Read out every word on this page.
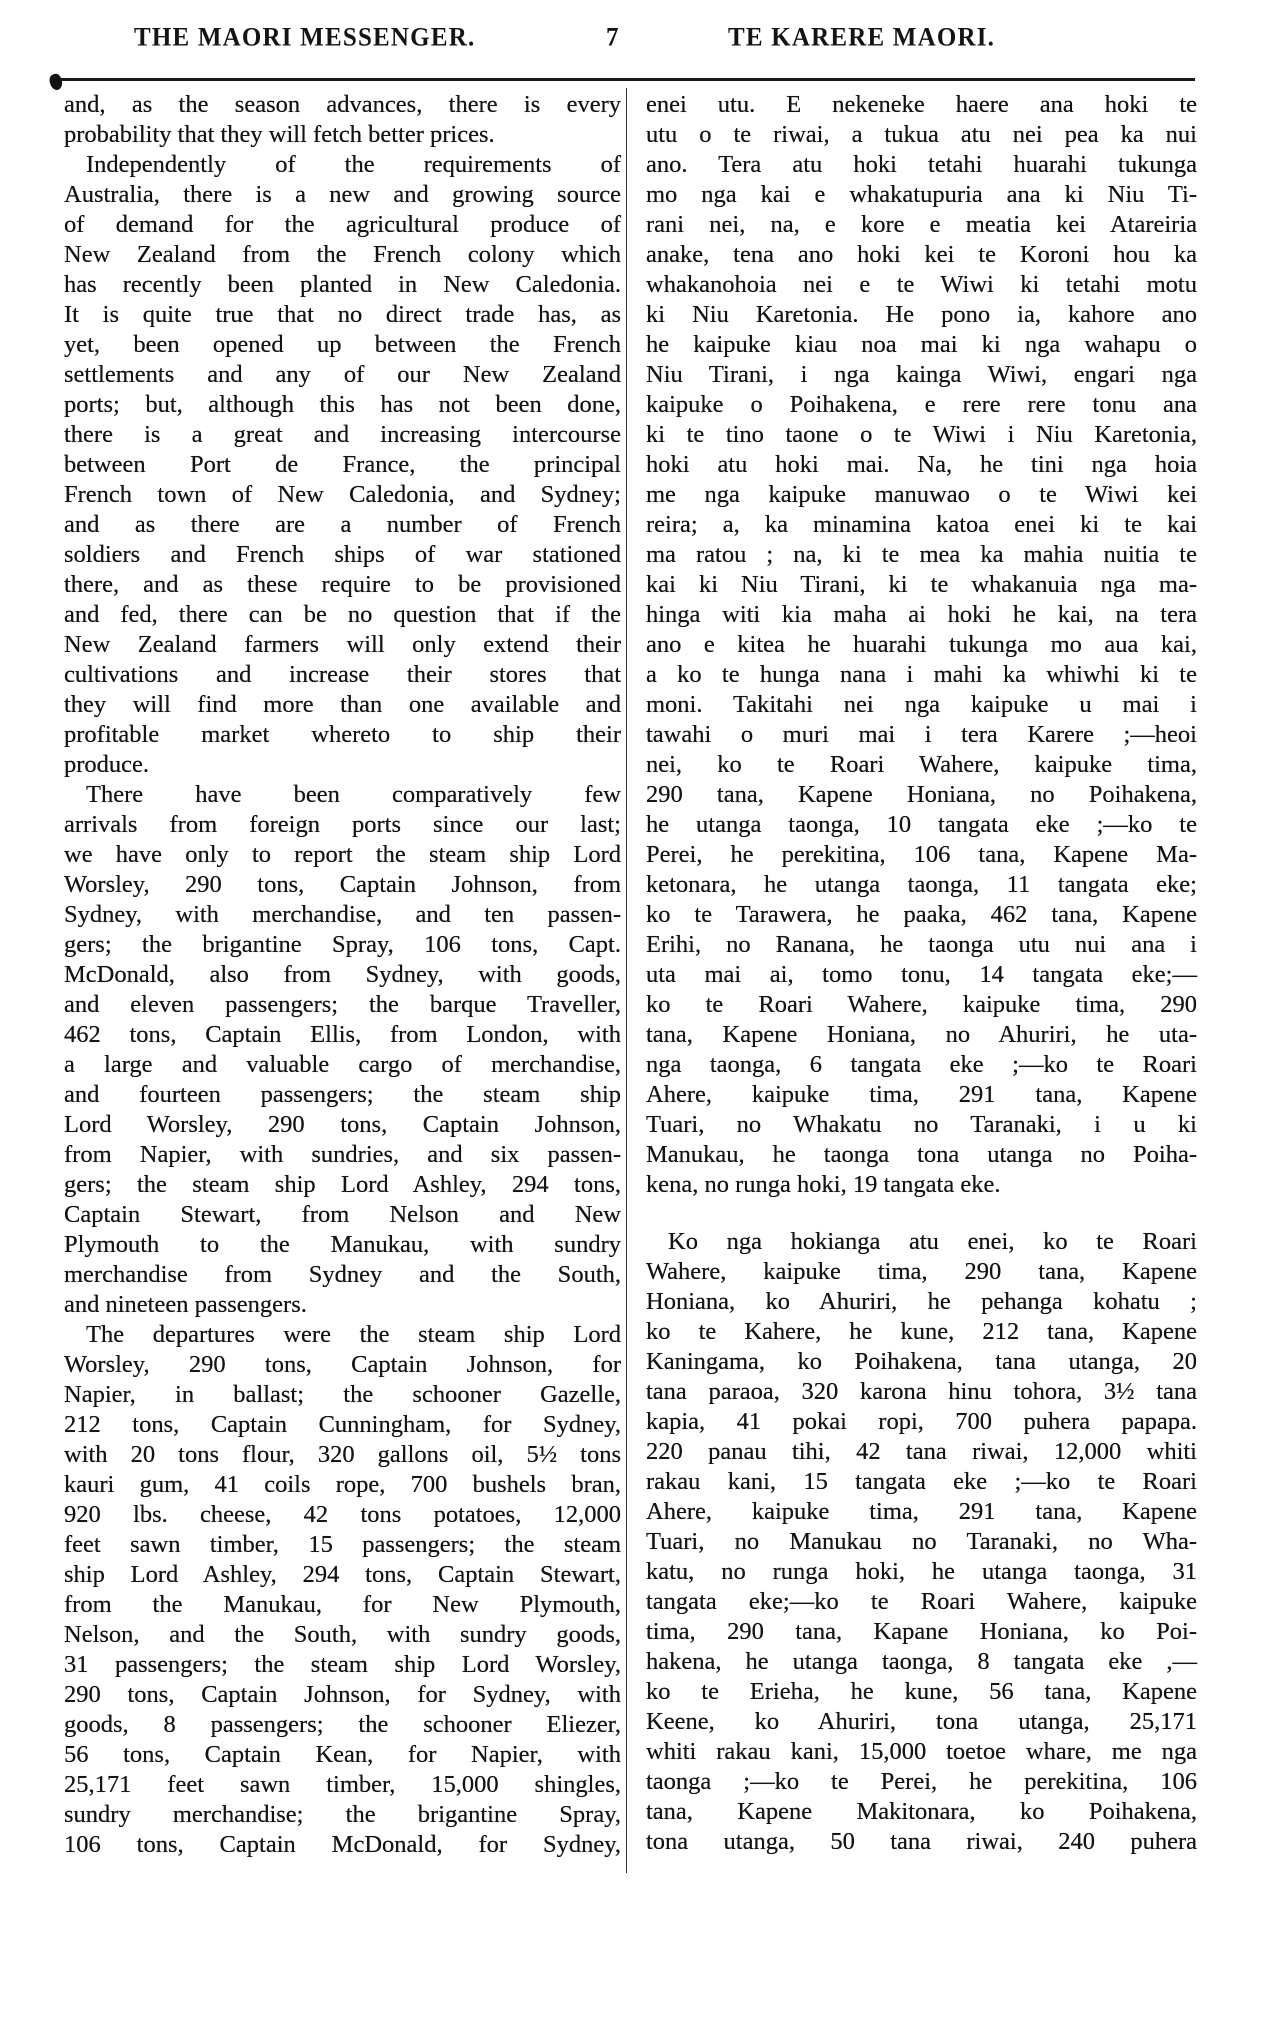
THE MAORI MESSENGER.	7	TE KARERE MAORI.
and, as the season advances, there is every
probability that they will fetch better prices.
Independently of the requirements of
Australia, there is a new and growing source
of demand for the agricultural produce of
New Zealand from the French colony which
has recently been planted in New Caledonia.
It is quite true that no direct trade has, as
yet, been opened up between the French
settlements and any of our New Zealand
ports; but, although this has not been done,
there is a great and increasing intercourse
between Port de France, the principal
French town of New Caledonia, and Sydney;
and as there are a number of French
soldiers and French ships of war stationed
there, and as these require to be provisioned
and fed, there can be no question that if the
New Zealand farmers will only extend their
cultivations and increase their stores that
they will find more than one available and
profitable market whereto to ship their
produce.
There have been comparatively few
arrivals from foreign ports since our last;
we have only to report the steam ship Lord
Worsley, 290 tons, Captain Johnson, from
Sydney, with merchandise, and ten passen-
gers; the brigantine Spray, 106 tons, Capt.
McDonald, also from Sydney, with goods,
and eleven passengers; the barque Traveller,
462 tons, Captain Ellis, from London, with
a large and valuable cargo of merchandise,
and fourteen passengers; the steam ship
Lord Worsley, 290 tons, Captain Johnson,
from Napier, with sundries, and six passen-
gers; the steam ship Lord Ashley, 294 tons,
Captain Stewart, from Nelson and New
Plymouth to the Manukau, with sundry
merchandise from Sydney and the South,
and nineteen passengers.
The departures were the steam ship Lord
Worsley, 290 tons, Captain Johnson, for
Napier, in ballast; the schooner Gazelle,
212 tons, Captain Cunningham, for Sydney,
with 20 tons flour, 320 gallons oil, 5½ tons
kauri gum, 41 coils rope, 700 bushels bran,
920 lbs. cheese, 42 tons potatoes, 12,000
feet sawn timber, 15 passengers; the steam
ship Lord Ashley, 294 tons, Captain Stewart,
from the Manukau, for New Plymouth,
Nelson, and the South, with sundry goods,
31 passengers; the steam ship Lord Worsley,
290 tons, Captain Johnson, for Sydney, with
goods, 8 passengers; the schooner Eliezer,
56 tons, Captain Kean, for Napier, with
25,171 feet sawn timber, 15,000 shingles,
sundry merchandise; the brigantine Spray,
106 tons, Captain McDonald, for Sydney,
enei utu. E nekeneke haere ana hoki te
utu o te riwai, a tukua atu nei pea ka nui
ano. Tera atu hoki tetahi huarahi tukunga
mo nga kai e whakatupuria ana ki Niu Ti-
rani nei, na, e kore e meatia kei Atareiria
anake, tena ano hoki kei te Koroni hou ka
whakanohoia nei e te Wiwi ki tetahi motu
ki Niu Karetonia. He pono ia, kahore ano
he kaipuke kiau noa mai ki nga wahapu o
Niu Tirani, i nga kainga Wiwi, engari nga
kaipuke o Poihakena, e rere rere tonu ana
ki te tino taone o te Wiwi i Niu Karetonia,
hoki atu hoki mai. Na, he tini nga hoia
me nga kaipuke manuwao o te Wiwi kei
reira; a, ka minamina katoa enei ki te kai
ma ratou ; na, ki te mea ka mahia nuitia te
kai ki Niu Tirani, ki te whakanuia nga ma-
hinga witi kia maha ai hoki he kai, na tera
ano e kitea he huarahi tukunga mo aua kai,
a ko te hunga nana i mahi ka whiwhi ki te
moni. Takitahi nei nga kaipuke u mai i
tawahi o muri mai i tera Karere ;—heoi
nei, ko te Roari Wahere, kaipuke tima,
290 tana, Kapene Honiana, no Poihakena,
he utanga taonga, 10 tangata eke ;—ko te
Perei, he perekitina, 106 tana, Kapene Ma-
ketonara, he utanga taonga, 11 tangata eke;
ko te Tarawera, he paaka, 462 tana, Kapene
Erihi, no Ranana, he taonga utu nui ana i
uta mai ai, tomo tonu, 14 tangata eke;—
ko te Roari Wahere, kaipuke tima, 290
tana, Kapene Honiana, no Ahuriri, he uta-
nga taonga, 6 tangata eke ;—ko te Roari
Ahere, kaipuke tima, 291 tana, Kapene
Tuari, no Whakatu no Taranaki, i u ki
Manukau, he taonga tona utanga no Poiha-
kena, no runga hoki, 19 tangata eke.
Ko nga hokianga atu enei, ko te Roari
Wahere, kaipuke tima, 290 tana, Kapene
Honiana, ko Ahuriri, he pehanga kohatu ;
ko te Kahere, he kune, 212 tana, Kapene
Kaningama, ko Poihakena, tana utanga, 20
tana paraoa, 320 karona hinu tohora, 3½ tana
kapia, 41 pokai ropi, 700 puhera papapa.
220 panau tihi, 42 tana riwai, 12,000 whiti
rakau kani, 15 tangata eke ;—ko te Roari
Ahere, kaipuke tima, 291 tana, Kapene
Tuari, no Manukau no Taranaki, no Wha-
katu, no runga hoki, he utanga taonga, 31
tangata eke;—ko te Roari Wahere, kaipuke
tima, 290 tana, Kapane Honiana, ko Poi-
hakena, he utanga taonga, 8 tangata eke ,—
ko te Erieha, he kune, 56 tana, Kapene
Keene, ko Ahuriri, tona utanga, 25,171
whiti rakau kani, 15,000 toetoe whare, me nga
taonga ;—ko te Perei, he perekitina, 106
tana, Kapene Makitonara, ko Poihakena,
tona utanga, 50 tana riwai, 240 puhera
